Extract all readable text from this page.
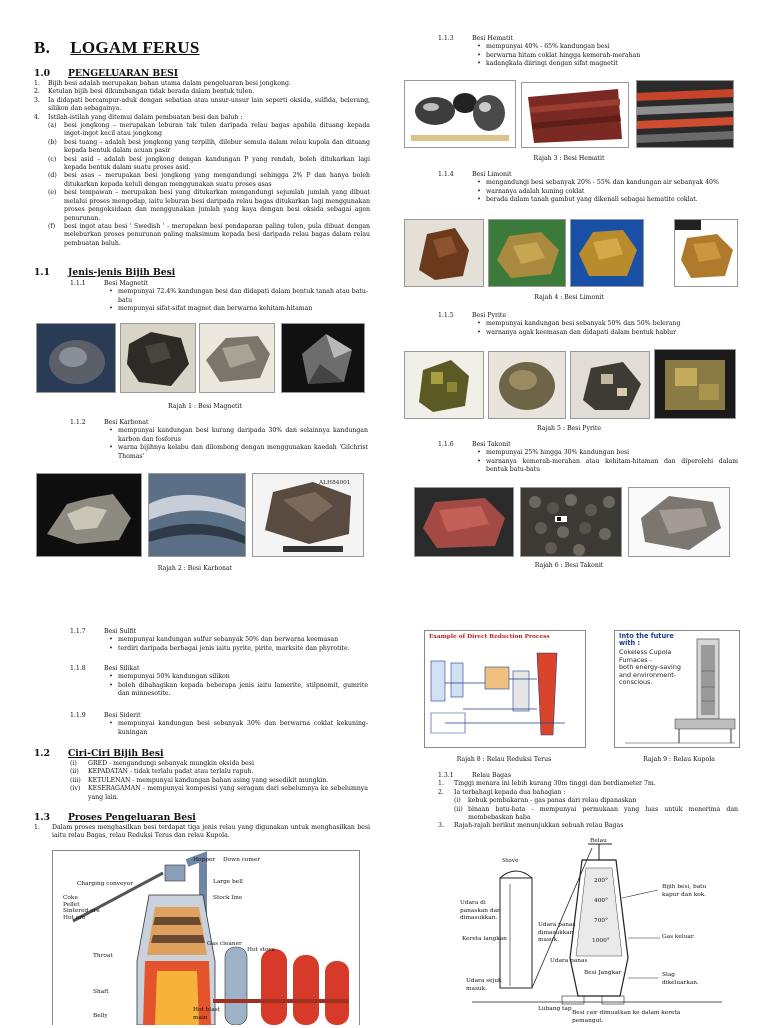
B. LOGAM FERUS
1.0 PENGELUARAN BESI
1.	Bijih besi adalah merupakan bahan utama dalam pengeluaran besi jongkong.
2.	Ketulan bijih besi dikumbangan tidak berada dalam bentuk tulen.
3.	Ia didapati bercampur-aduk dengan sebatian atau unsur-unsur lain seperti oksida, sulfida, belerang, silikon dan sebagainya.
4.	Istilah-istilah yang ditemui dalam pembuatan besi dan baluh :
(a)	besi jongkong – merupakan leburan tak tulen daripada relau bagas apabila dituang kepada ingot-ingot kecil atau jongkong
(b)	besi tuang – adalah besi jongkong yang terpilih, dilebur semula dalam relau kupola dan dituang kepada bentuk dalam acuan pasir
(c)	besi asid – adalah besi jongkong dengan kandungan P yang rendah, boleh ditukarkan lagi kepada bentuk dalam suatu proses asid.
(d)	besi asas – merupakan besi jongkong yang mengandungi sehingga 2% P dan hanya boleh ditukarkan kepada keluli dengan menggunakan suatu proses asas
(e)	besi tempawan – merupakan besi yang ditukarkan mengandungi sejumlah jumlah yang dibuat melalui proses mengodap, iaitu leburan besi daripada relau bagas ditukarkan lagi menggunakan proses pengoksidaan dan menggunakan jumlah yang kaya dengan besi oksida sebagai agen penurunan.
(f)	besi ingot atau besi ' Swedish ' - merupakan besi pendaparan paling tulen, pula dibuat dengan meleburkan proses penurunan paling maksimum kepada besi daripada relau bagas dalam relau pembuatan baluh.
1.1 Jenis-jenis Bijih Besi
1.1.1	Besi Magnetit
• mempunyai 72.4% kandungan besi dan didapati dalam bentuk tanah atau batu-batu
• mempunyai sifat-sifat magnet dan berwarna kehitam-hitaman
Rajah 1 : Besi Magnetit
1.1.2	Besi Karbonat
• mempunyai kandungan besi kurang daripada 30% dan selainnya kandungan karbon dan fosforus
• warna bijihnya kelabu dan dilombong dengan menggunakan kaedah 'Gilchrist Thomas'
ALH84001
Rajah 2 : Besi Karbonat
1.1.3	Besi Hematit
• mempunyai 40% - 65% kandungan besi
• berwarna hitam coklat hingga kemerah-merahan
• kadangkala diiringi dengan sifat magnetit
Rajah 3 : Besi Hematit
1.1.4	Besi Limonit
• mengandungi besi sebanyak 20% - 55% dan kandungan air sebanyak 40%
• warnanya adalah kuning coklat
• berada dalam tanah gambut yang dikenali sebagai hematite coklat.
Rajah 4 : Besi Limonit
1.1.5	Besi Pyrite
• mempunyai kandungan besi sebanyak 50% dan 50% belerang
• warnanya agak keemasan dan didapati dalam bentuk hablur
Rajah 5 : Besi Pyrite
1.1.6	Besi Takonit
• mempunyai 25% hingga 30% kandungan besi
• warnanya kemerah-merahan atau kehitam-hitaman dan diperolehi dalam bentuk batu-batu
Rajah 6 : Besi Takonit
1.1.7	Besi Sulfit
• mempunyai kandungan sulfur sebanyak 50% dan berwarna keemasan
• terdiri daripada berbagai jenis iaitu pyrite, pirite, marksite dan phyrotite.
1.1.8	Besi Silikat
• mempunyai 50% kandungan silikon
• boleh dibahagikan kepada beberapa jenis iaitu lamerite, stilpnomit, gumrite dan minnesotite.
1.1.9	Besi Siderit
• mempunyai kandungan besi sebanyak 30% dan berwarna coklat kekuning-kuningan
1.2 Ciri-Ciri Bijih Besi
(i)	GRED - mengandungi sebanyak mungkin oksida besi
(ii)	KEPADATAN - tidak terlalu padat atau terlalu rapuh.
(iii)	KETULENAN - mempunyai kandungan bahan asing yang sesedikit mungkin.
(iv)	KESERAGAMAN - mempunyai komposisi yang seragam dari sebelumnya ke sebelumnya yang lain.
1.3 Proses Pengeluaran Besi
1.	Dalam proses menghasilkan besi terdapat tiga jenis relau yang digunakan untuk menghasilkan besi iaitu relau Bagas, relau Reduksi Terus dan relau Kupola.
Charging conveyor
Hopper Down comer
Large bell
Stock line
Coke
Pellet
Sintered ore
Hot ore
Throat
Gas cleaner
Hot stove
Shaft
Hot blast main
Belly
Example of Direct Reduction Process
Rajah 8 : Relau Reduksi Terus
Into the future
with :
Cokeless Cupola
Furnaces -
both energy-saving
and environment-
conscious.
Rajah 9 : Relau Kupola
1.3.1	Relau Bagas
1.	Tinggi menara ini lebih kurang 30m tinggi dan berdiameter 7m.
2.	Ia terbahagi kepada dua bahagian :
(i)	kebuk pembakaran - gas panas dari relau dipanaskan
(ii) binaan batu-bata - mempunyai permukaan yang luas untuk menerima dan membebaskan haba
3.	Rajah-rajah berikut menunjukkan sebuah relau Bagas
Relau
Stove
Udara di panaskan dan dimasukkan.
Kereta langkan
Udara panas dimasukkan masuk.
Udara sejuk masuk.
Bijih besi, batu kapur dan kok.
Gas keluar.
Slag dikeluarkan.
Lubang tap
Besi cair dimuatkan ke dalam kereta pemangut.
Besi Jangkar
Udara panas
200°
400°
700°
1000°
